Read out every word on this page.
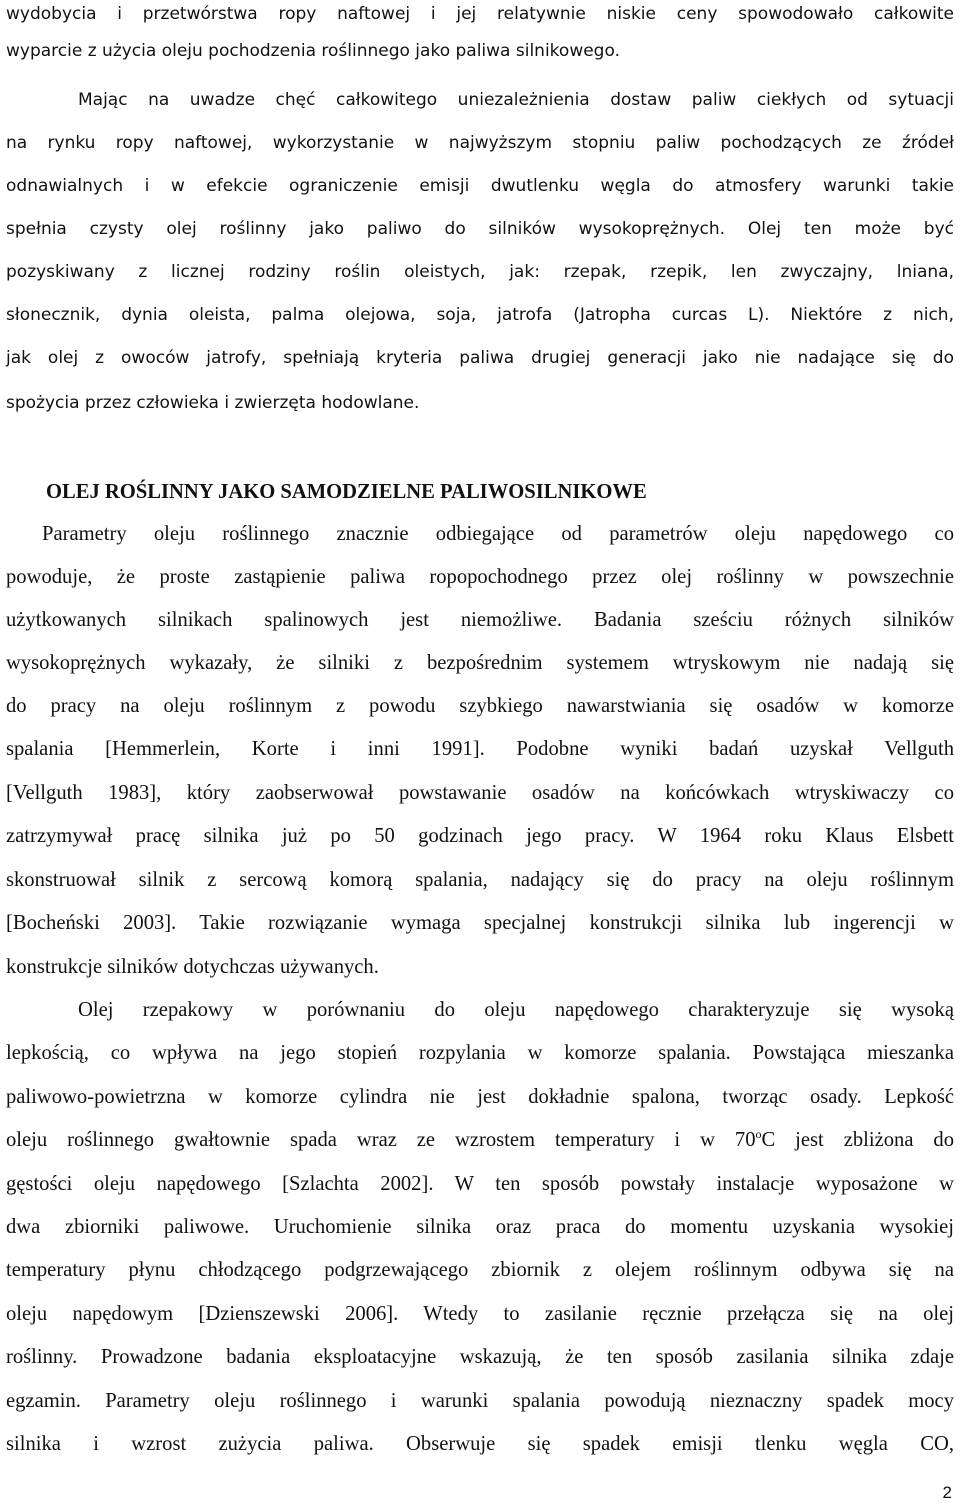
wydobycia i przetwórstwa ropy naftowej i jej relatywnie niskie ceny spowodowało całkowite
wyparcie z użycia oleju pochodzenia roślinnego jako paliwa silnikowego.
Mając na uwadze chęć całkowitego uniezależnienia dostaw paliw ciekłych od sytuacji
na rynku ropy naftowej, wykorzystanie w najwyższym stopniu paliw pochodzących ze źródeł
odnawialnych i w efekcie ograniczenie emisji dwutlenku węgla do atmosfery warunki takie
spełnia czysty olej roślinny jako paliwo do silników wysokoprężnych. Olej ten może być
pozyskiwany z licznej rodziny roślin oleistych, jak: rzepak, rzepik, len zwyczajny, lniana,
słonecznik, dynia oleista, palma olejowa, soja, jatrofa (Jatropha curcas L). Niektóre z nich,
jak olej z owoców jatrofy, spełniają kryteria paliwa drugiej generacji jako nie nadające się do
spożycia przez człowieka i zwierzęta hodowlane.
OLEJ ROŚLINNY JAKO SAMODZIELNE PALIWOSILNIKOWE
Parametry oleju roślinnego znacznie odbiegające od parametrów oleju napędowego co
powoduje, że proste zastąpienie paliwa ropopochodnego przez olej roślinny w powszechnie
użytkowanych silnikach spalinowych jest niemożliwe. Badania sześciu różnych silników
wysokoprężnych wykazały, że silniki z bezpośrednim systemem wtryskowym nie nadają się
do pracy na oleju roślinnym z powodu szybkiego nawarstwiania się osadów w komorze
spalania [Hemmerlein, Korte i inni 1991]. Podobne wyniki badań uzyskał Vellguth
[Vellguth 1983], który zaobserwował powstawanie osadów na końcówkach wtryskiwaczy co
zatrzymywał pracę silnika już po 50 godzinach jego pracy. W 1964 roku Klaus Elsbett
skonstruował silnik z sercową komorą spalania, nadający się do pracy na oleju roślinnym
[Bocheński 2003]. Takie rozwiązanie wymaga specjalnej konstrukcji silnika lub ingerencji w
konstrukcje silników dotychczas używanych.
Olej rzepakowy w porównaniu do oleju napędowego charakteryzuje się wysoką
lepkością, co wpływa na jego stopień rozpylania w komorze spalania. Powstająca mieszanka
paliwowo-powietrzna w komorze cylindra nie jest dokładnie spalona, tworząc osady. Lepkość
oleju roślinnego gwałtownie spada wraz ze wzrostem temperatury i w 70$^o$C jest zbliżona do
gęstości oleju napędowego [Szlachta 2002]. W ten sposób powstały instalacje wyposażone w
dwa zbiorniki paliwowe. Uruchomienie silnika oraz praca do momentu uzyskania wysokiej
temperatury płynu chłodzącego podgrzewającego zbiornik z olejem roślinnym odbywa się na
oleju napędowym [Dzienszewski 2006]. Wtedy to zasilanie ręcznie przełącza się na olej
roślinny. Prowadzone badania eksploatacyjne wskazują, że ten sposób zasilania silnika zdaje
egzamin. Parametry oleju roślinnego i warunki spalania powodują nieznaczny spadek mocy
silnika i wzrost zużycia paliwa. Obserwuje się spadek emisji tlenku węgla CO,
2
